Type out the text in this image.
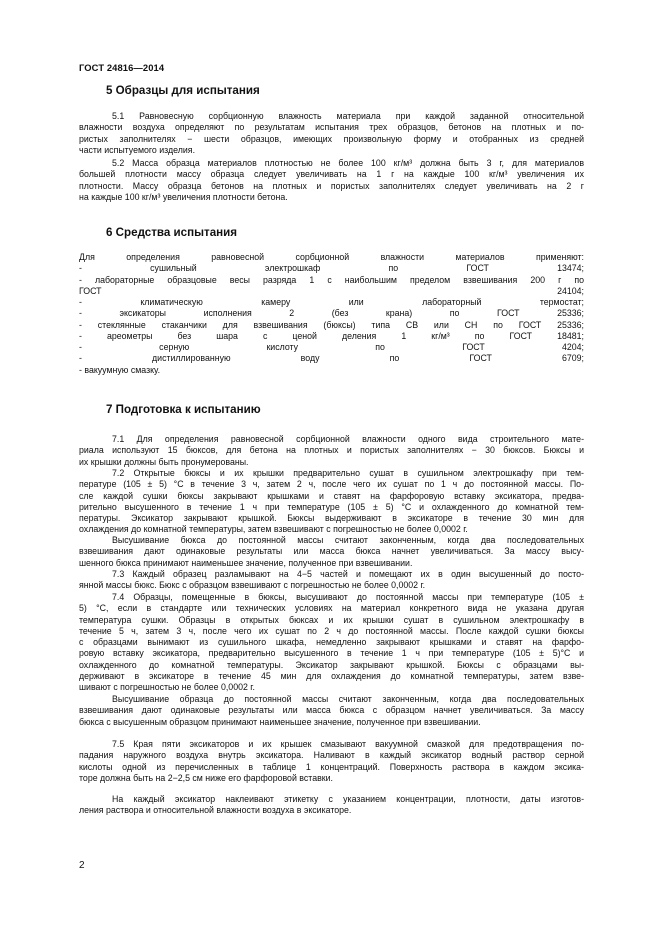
ГОСТ 24816—2014
5 Образцы для испытания
5.1 Равновесную сорбционную влажность материала при каждой заданной относительной
влажности воздуха определяют по результатам испытания трех образцов, бетонов на плотных и по-
ристых заполнителях − шести образцов, имеющих произвольную форму и отобранных из средней
части испытуемого изделия.
5.2 Масса образца материалов плотностью не более 100 кг/м³ должна быть 3 г, для материалов
большей плотности массу образца следует увеличивать на 1 г на каждые 100 кг/м³ увеличения их
плотности. Массу образца бетонов на плотных и пористых заполнителях следует увеличивать на 2 г
на каждые 100 кг/м³ увеличения плотности бетона.
6 Средства испытания
Для определения равновесной сорбционной влажности материалов применяют:
- сушильный электрошкаф по ГОСТ 13474;
- лабораторные образцовые весы разряда 1 с наибольшим пределом взвешивания 200 г по
ГОСТ 24104;
- климатическую камеру или лабораторный термостат;
- эксикаторы исполнения 2 (без крана) по ГОСТ 25336;
- стеклянные стаканчики для взвешивания (бюксы) типа СВ или СН по ГОСТ 25336;
- ареометры без шара с ценой деления 1 кг/м³ по ГОСТ 18481;
- серную кислоту по ГОСТ 4204;
- дистиллированную воду по ГОСТ 6709;
- вакуумную смазку.
7 Подготовка к испытанию
7.1 Для определения равновесной сорбционной влажности одного вида строительного мате-
риала используют 15 бюксов, для бетона на плотных и пористых заполнителях − 30 бюксов. Бюксы и
их крышки должны быть пронумерованы.
7.2 Открытые бюксы и их крышки предварительно сушат в сушильном электрошкафу при тем-
пературе (105 ± 5) °С в течение 3 ч, затем 2 ч, после чего их сушат по 1 ч до постоянной массы. По-
сле каждой сушки бюксы закрывают крышками и ставят на фарфоровую вставку эксикатора, предва-
рительно высушенного в течение 1 ч при температуре (105 ± 5) °С и охлажденного до комнатной тем-
пературы. Эксикатор закрывают крышкой. Бюксы выдерживают в эксикаторе в течение 30 мин для
охлаждения до комнатной температуры, затем взвешивают с погрешностью не более 0,0002 г.
Высушивание бюкса до постоянной массы считают законченным, когда два последовательных
взвешивания дают одинаковые результаты или масса бюкса начнет увеличиваться. За массу высу-
шенного бюкса принимают наименьшее значение, полученное при взвешивании.
7.3 Каждый образец разламывают на 4−5 частей и помещают их в один высушенный до посто-
янной массы бюкс. Бюкс с образцом взвешивают с погрешностью не более 0,0002 г.
7.4 Образцы, помещенные в бюксы, высушивают до постоянной массы при температуре (105 ±
5) °С, если в стандарте или технических условиях на материал конкретного вида не указана другая
температура сушки. Образцы в открытых бюксах и их крышки сушат в сушильном электрошкафу в
течение 5 ч, затем 3 ч, после чего их сушат по 2 ч до постоянной массы. После каждой сушки бюксы
с образцами вынимают из сушильного шкафа, немедленно закрывают крышками и ставят на фарфо-
ровую вставку эксикатора, предварительно высушенного в течение 1 ч при температуре (105 ± 5)°С и
охлажденного до комнатной температуры. Эксикатор закрывают крышкой. Бюксы с образцами вы-
держивают в эксикаторе в течение 45 мин для охлаждения до комнатной температуры, затем взве-
шивают с погрешностью не более 0,0002 г.
Высушивание образца до постоянной массы считают законченным, когда два последовательных
взвешивания дают одинаковые результаты или масса бюкса с образцом начнет увеличиваться. За массу
бюкса с высушенным образцом принимают наименьшее значение, полученное при взвешивании.
7.5 Края пяти эксикаторов и их крышек смазывают вакуумной смазкой для предотвращения по-
падания наружного воздуха внутрь эксикатора. Наливают в каждый эксикатор водный раствор серной
кислоты одной из перечисленных в таблице 1 концентраций. Поверхность раствора в каждом эксика-
торе должна быть на 2−2,5 см ниже его фарфоровой вставки.
На каждый эксикатор наклеивают этикетку с указанием концентрации, плотности, даты изготов-
ления раствора и относительной влажности воздуха в эксикаторе.
2
